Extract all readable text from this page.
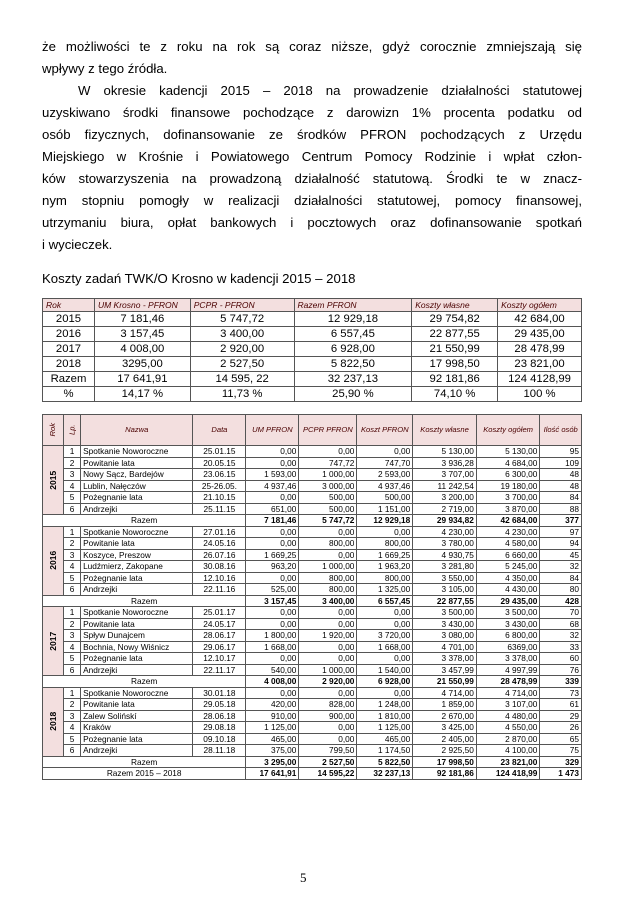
że możliwości te z roku na rok są coraz niższe, gdyż corocznie zmniejszają się
wpływy z tego źródła.
W okresie kadencji 2015 – 2018 na prowadzenie działalności statutowej
uzyskiwano środki finansowe pochodzące z darowizn 1% procenta podatku od
osób fizycznych, dofinansowanie ze środków PFRON pochodzących z Urzędu
Miejskiego w Krośnie i Powiatowego Centrum Pomocy Rodzinie i wpłat człon-
ków stowarzyszenia na prowadzoną działalność statutową. Środki te w znacz-
nym stopniu pomogły w realizacji działalności statutowej, pomocy finansowej,
utrzymaniu biura, opłat bankowych i pocztowych oraz dofinansowanie spotkań
i wycieczek.
Koszty zadań TWK/O Krosno w kadencji 2015 – 2018
Rok	UM Krosno - PFRON	PCPR - PFRON	Razem PFRON	Koszty własne	Koszty ogółem
2015	7 181,46	5 747,72	12 929,18	29 754,82	42 684,00
2016	3 157,45	3 400,00	6 557,45	22 877,55	29 435,00
2017	4 008,00	2 920,00	6 928,00	21 550,99	28 478,99
2018	3295,00	2 527,50	5 822,50	17 998,50	23 821,00
Razem	17 641,91	14 595, 22	32 237,13	92 181,86	124 4128,99
%	14,17 %	11,73 %	25,90 %	74,10 %	100 %
Rok	Lp.	Nazwa	Data	UM PFRON	PCPR PFRON	Koszt PFRON	Koszty własne	Koszty ogółem	Ilość osób
2015	1	Spotkanie Noworoczne	25.01.15	0,00	0,00	0,00	5 130,00	5 130,00	95
	2	Powitanie lata	20.05.15	0,00	747,72	747,70	3 936,28	4 684,00	109
	3	Nowy Sącz, Bardejów	23.06.15	1 593,00	1 000,00	2 593,00	3 707,00	6 300,00	48
	4	Lublin, Nałęczów	25-26.05.	4 937,46	3 000,00	4 937,46	11 242,54	19 180,00	48
	5	Pożegnanie lata	21.10.15	0,00	500,00	500,00	3 200,00	3 700,00	84
	6	Andrzejki	25.11.15	651,00	500,00	1 151,00	2 719,00	3 870,00	88
Razem				7 181,46	5 747,72	12 929,18	29 934,82	42 684,00	377
2016	1	Spotkanie Noworoczne	27.01.16	0,00	0,00	0,00	4 230,00	4 230,00	97
	2	Powitanie lata	24.05.16	0,00	800,00	800,00	3 780,00	4 580,00	94
	3	Koszyce, Preszow	26.07.16	1 669,25	0,00	1 669,25	4 930,75	6 660,00	45
	4	Ludźmierz, Zakopane	30.08.16	963,20	1 000,00	1 963,20	3 281,80	5 245,00	32
	5	Pożegnanie lata	12.10.16	0,00	800,00	800,00	3 550,00	4 350,00	84
	6	Andrzejki	22.11.16	525,00	800,00	1 325,00	3 105,00	4 430,00	80
Razem				3 157,45	3 400,00	6 557,45	22 877,55	29 435,00	428
2017	1	Spotkanie Noworoczne	25.01.17	0,00	0,00	0,00	3 500,00	3 500,00	70
	2	Powitanie lata	24.05.17	0,00	0,00	0,00	3 430,00	3 430,00	68
	3	Spływ Dunajcem	28.06.17	1 800,00	1 920,00	3 720,00	3 080,00	6 800,00	32
	4	Bochnia, Nowy Wiśnicz	29.06.17	1 668,00	0,00	1 668,00	4 701,00	6369,00	33
	5	Pożegnanie lata	12.10.17	0,00	0,00	0,00	3 378,00	3 378,00	60
	6	Andrzejki	22.11.17	540,00	1 000,00	1 540,00	3 457,99	4 997,99	76
Razem				4 008,00	2 920,00	6 928,00	21 550,99	28 478,99	339
2018	1	Spotkanie Noworoczne	30.01.18	0,00	0,00	0,00	4 714,00	4 714,00	73
	2	Powitanie lata	29.05.18	420,00	828,00	1 248,00	1 859,00	3 107,00	61
	3	Zalew Solińskí	28.06.18	910,00	900,00	1 810,00	2 670,00	4 480,00	29
	4	Kraków	29.08.18	1 125,00	0,00	1 125,00	3 425,00	4 550,00	26
	5	Pożegnanie lata	09.10.18	465,00	0,00	465,00	2 405,00	2 870,00	65
	6	Andrzejki	28.11.18	375,00	799,50	1 174,50	2 925,50	4 100,00	75
Razem				3 295,00	2 527,50	5 822,50	17 998,50	23 821,00	329
Razem 2015 – 2018				17 641,91	14 595,22	32 237,13	92 181,86	124 418,99	1 473
5
